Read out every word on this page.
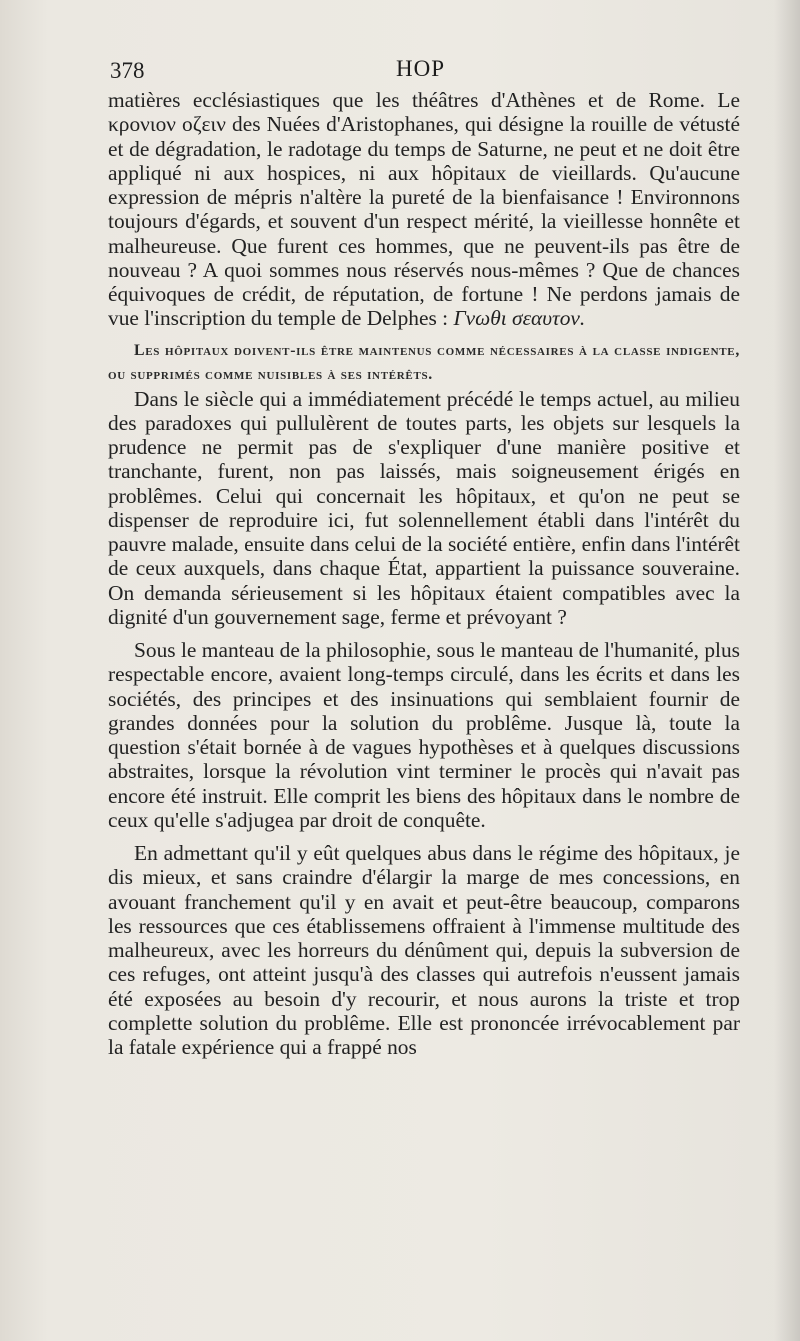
378	HOP

matières ecclésiastiques que les théâtres d'Athènes et de Rome. Le κρονιον οζειν des Nuées d'Aristophanes, qui désigne la rouille de vétusté et de dégradation, le radotage du temps de Saturne, ne peut et ne doit être appliqué ni aux hospices, ni aux hôpitaux de vieillards. Qu'aucune expression de mépris n'altère la pureté de la bienfaisance ! Environnons toujours d'égards, et souvent d'un respect mérité, la vieillesse honnête et malheureuse. Que furent ces hommes, que ne peuvent-ils pas être de nouveau ? A quoi sommes nous réservés nous-mêmes ? Que de chances équivoques de crédit, de réputation, de fortune ! Ne perdons jamais de vue l'inscription du temple de Delphes : Γνωθι σεαυτον.

Les hôpitaux doivent-ils être maintenus comme nécessaires à la classe indigente, ou supprimés comme nuisibles à ses intérêts.

Dans le siècle qui a immédiatement précédé le temps actuel, au milieu des paradoxes qui pullulèrent de toutes parts, les objets sur lesquels la prudence ne permit pas de s'expliquer d'une manière positive et tranchante, furent, non pas laissés, mais soigneusement érigés en problêmes. Celui qui concernait les hôpitaux, et qu'on ne peut se dispenser de reproduire ici, fut solennellement établi dans l'intérêt du pauvre malade, ensuite dans celui de la société entière, enfin dans l'intérêt de ceux auxquels, dans chaque État, appartient la puissance souveraine. On demanda sérieusement si les hôpitaux étaient compatibles avec la dignité d'un gouvernement sage, ferme et prévoyant ?

Sous le manteau de la philosophie, sous le manteau de l'humanité, plus respectable encore, avaient long-temps circulé, dans les écrits et dans les sociétés, des principes et des insinuations qui semblaient fournir de grandes données pour la solution du problême. Jusque là, toute la question s'était bornée à de vagues hypothèses et à quelques discussions abstraites, lorsque la révolution vint terminer le procès qui n'avait pas encore été instruit. Elle comprit les biens des hôpitaux dans le nombre de ceux qu'elle s'adjugea par droit de conquête.

En admettant qu'il y eût quelques abus dans le régime des hôpitaux, je dis mieux, et sans craindre d'élargir la marge de mes concessions, en avouant franchement qu'il y en avait et peut-être beaucoup, comparons les ressources que ces établissemens offraient à l'immense multitude des malheureux, avec les horreurs du dénûment qui, depuis la subversion de ces refuges, ont atteint jusqu'à des classes qui autrefois n'eussent jamais été exposées au besoin d'y recourir, et nous aurons la triste et trop complette solution du problême. Elle est prononcée irrévocablement par la fatale expérience qui a frappé nos
